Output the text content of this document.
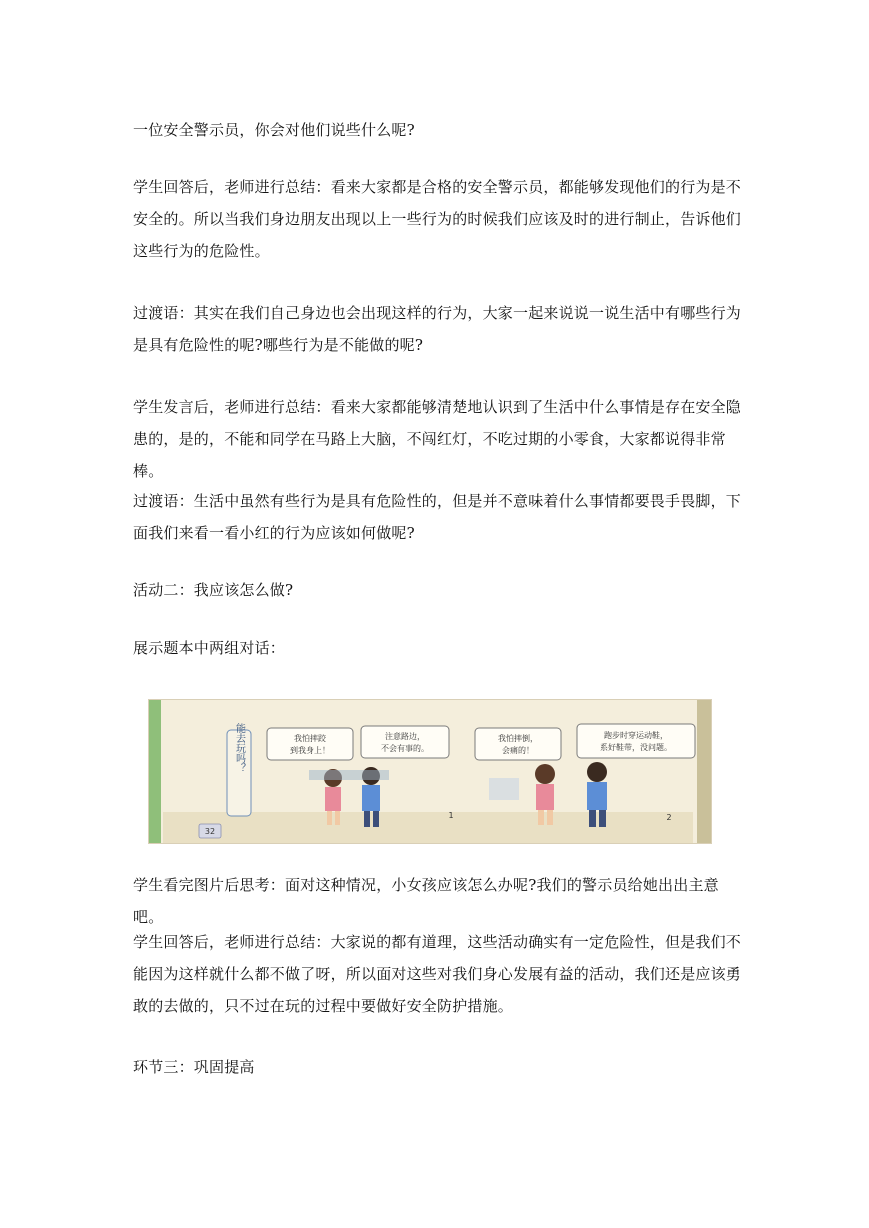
一位安全警示员，你会对他们说些什么呢?

学生回答后，老师进行总结：看来大家都是合格的安全警示员，都能够发现他们的行为是不安全的。所以当我们身边朋友出现以上一些行为的时候我们应该及时的进行制止，告诉他们这些行为的危险性。

过渡语：其实在我们自己身边也会出现这样的行为，大家一起来说说一说生活中有哪些行为是具有危险性的呢?哪些行为是不能做的呢?

学生发言后，老师进行总结：看来大家都能够清楚地认识到了生活中什么事情是存在安全隐患的，是的，不能和同学在马路上大脑，不闯红灯，不吃过期的小零食，大家都说得非常棒。

过渡语：生活中虽然有些行为是具有危险性的，但是并不意味着什么事情都要畏手畏脚，下面我们来看一看小红的行为应该如何做呢?

活动二：我应该怎么做?

展示题本中两组对话：

能去玩吗？	我怕摔跤
到我身上！
注意路边，
不会有事的。
我怕摔倒，
会痛的！
跑步时穿运动鞋，
系好鞋带，没问题。
1	2
32

学生看完图片后思考：面对这种情况，小女孩应该怎么办呢?我们的警示员给她出出主意吧。

学生回答后，老师进行总结：大家说的都有道理，这些活动确实有一定危险性，但是我们不能因为这样就什么都不做了呀，所以面对这些对我们身心发展有益的活动，我们还是应该勇敢的去做的，只不过在玩的过程中要做好安全防护措施。

环节三：巩固提高
